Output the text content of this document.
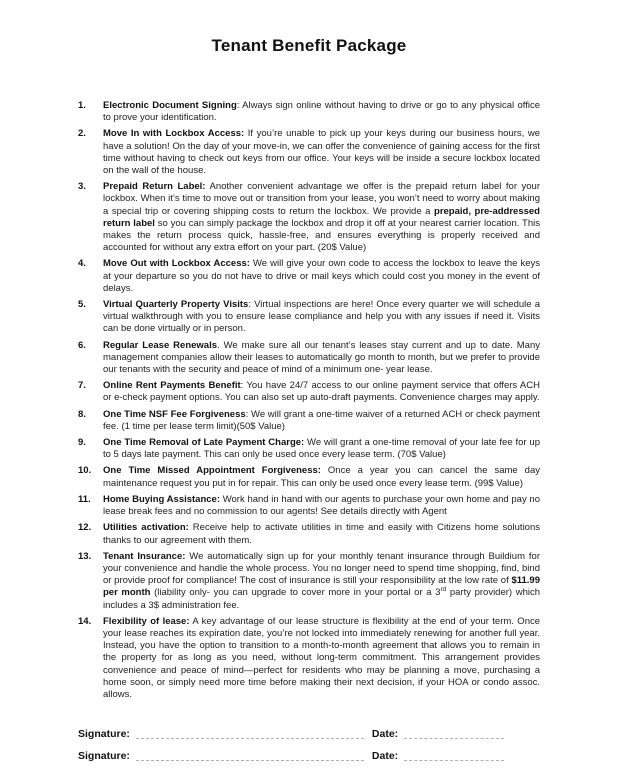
Tenant Benefit Package
1.	Electronic Document Signing: Always sign online without having to drive or go to any physical office to prove your identification.
2.	Move In with Lockbox Access: If you’re unable to pick up your keys during our business hours, we have a solution! On the day of your move-in, we can offer the convenience of gaining access for the first time without having to check out keys from our office. Your keys will be inside a secure lockbox located on the wall of the house.
3.	Prepaid Return Label: Another convenient advantage we offer is the prepaid return label for your lockbox. When it’s time to move out or transition from your lease, you won’t need to worry about making a special trip or covering shipping costs to return the lockbox. We provide a prepaid, pre-addressed return label so you can simply package the lockbox and drop it off at your nearest carrier location. This makes the return process quick, hassle-free, and ensures everything is properly received and accounted for without any extra effort on your part. (20$ Value)
4.	Move Out with Lockbox Access: We will give your own code to access the lockbox to leave the keys at your departure so you do not have to drive or mail keys which could cost you money in the event of delays.
5.	Virtual Quarterly Property Visits: Virtual inspections are here! Once every quarter we will schedule a virtual walkthrough with you to ensure lease compliance and help you with any issues if need it. Visits can be done virtually or in person.
6.	Regular Lease Renewals. We make sure all our tenant’s leases stay current and up to date. Many management companies allow their leases to automatically go month to month, but we prefer to provide our tenants with the security and peace of mind of a minimum one- year lease.
7.	Online Rent Payments Benefit: You have 24/7 access to our online payment service that offers ACH or e-check payment options. You can also set up auto-draft payments. Convenience charges may apply.
8.	One Time NSF Fee Forgiveness: We will grant a one-time waiver of a returned ACH or check payment fee. (1 time per lease term limit)(50$ Value)
9.	One Time Removal of Late Payment Charge: We will grant a one-time removal of your late fee for up to 5 days late payment. This can only be used once every lease term. (70$ Value)
10.	One Time Missed Appointment Forgiveness: Once a year you can cancel the same day maintenance request you put in for repair. This can only be used once every lease term. (99$ Value)
11.	Home Buying Assistance: Work hand in hand with our agents to purchase your own home and pay no lease break fees and no commission to our agents! See details directly with Agent
12.	Utilities activation: Receive help to activate utilities in time and easily with Citizens home solutions thanks to our agreement with them.
13.	Tenant Insurance: We automatically sign up for your monthly tenant insurance through Buildium for your convenience and handle the whole process. You no longer need to spend time shopping, find, bind or provide proof for compliance! The cost of insurance is still your responsibility at the low rate of $11.99 per month (liability only- you can upgrade to cover more in your portal or a 3rd party provider) which includes a 3$ administration fee.
14.	Flexibility of lease: A key advantage of our lease structure is flexibility at the end of your term. Once your lease reaches its expiration date, you’re not locked into immediately renewing for another full year. Instead, you have the option to transition to a month-to-month agreement that allows you to remain in the property for as long as you need, without long-term commitment. This arrangement provides convenience and peace of mind—perfect for residents who may be planning a move, purchasing a home soon, or simply need more time before making their next decision, if your HOA or condo assoc. allows.
Signature:	Date:
Signature:	Date:
